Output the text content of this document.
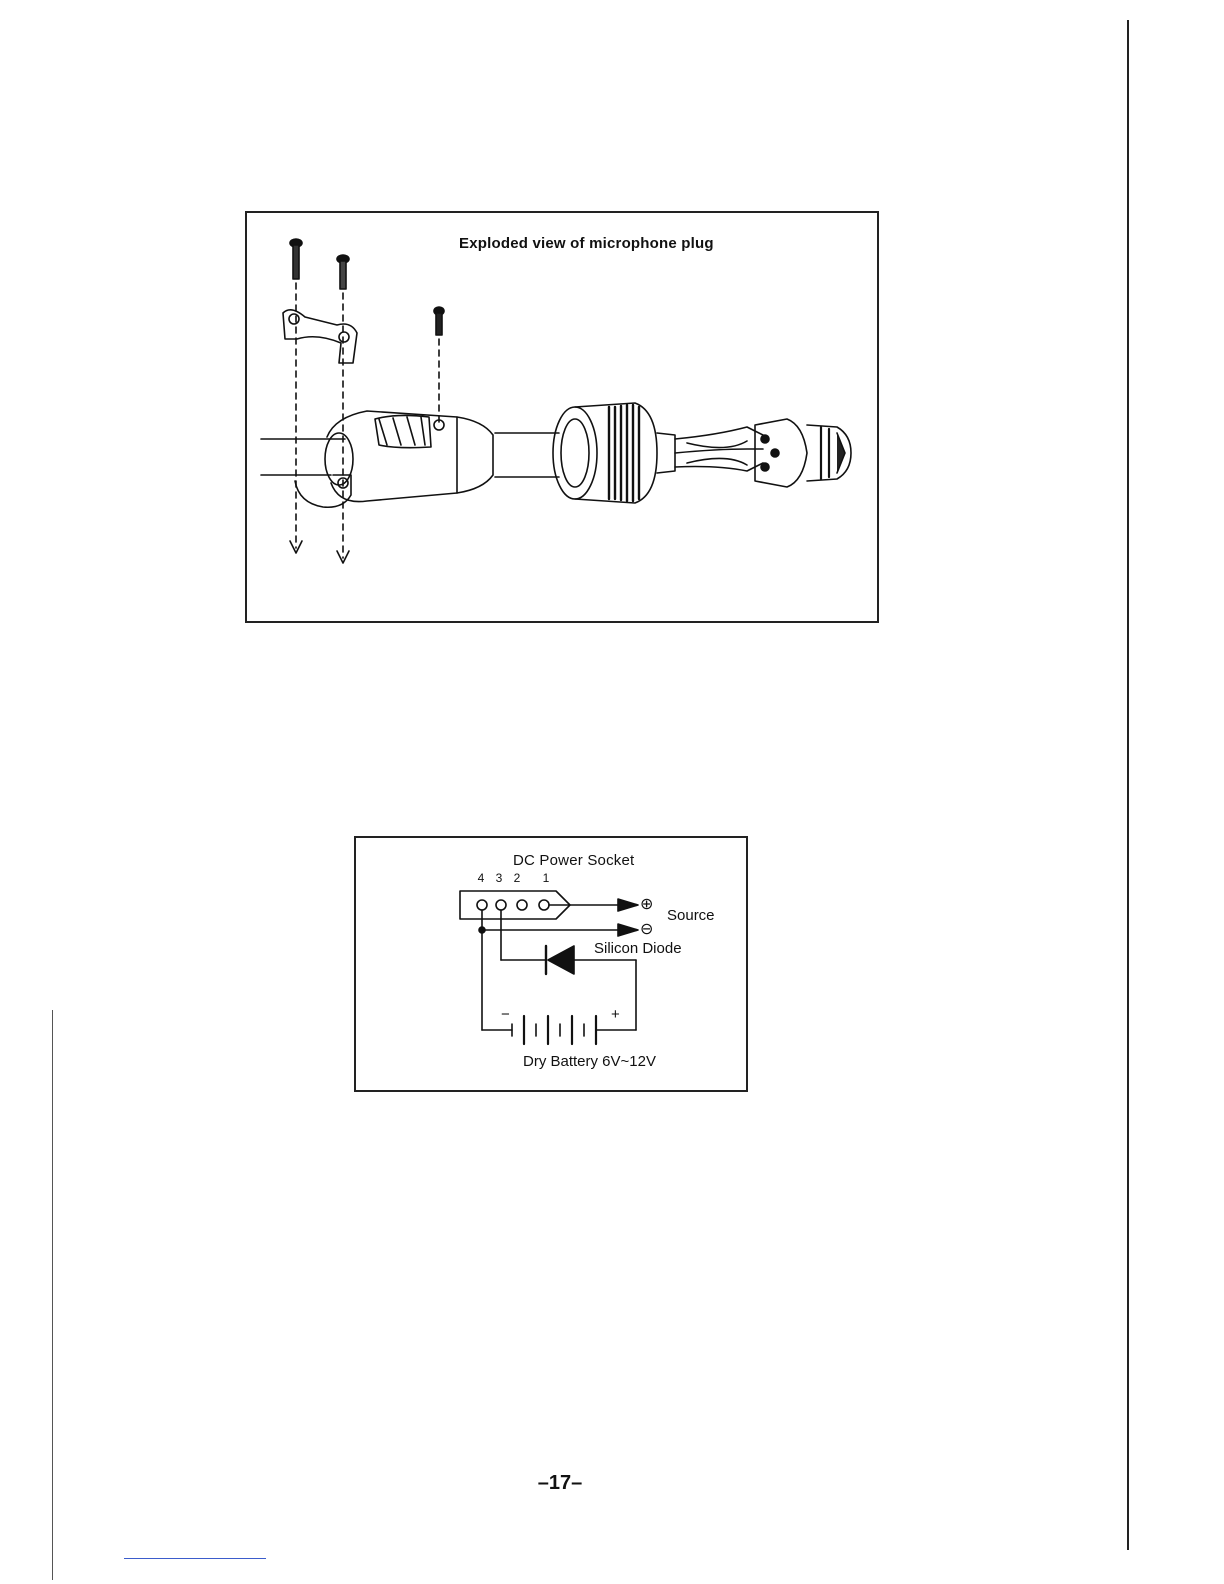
Exploded view of microphone plug
DC Power Socket
4 3 2	1
⊕
⊖
Source
Silicon Diode
−	+
Dry Battery 6V~12V
–17–
